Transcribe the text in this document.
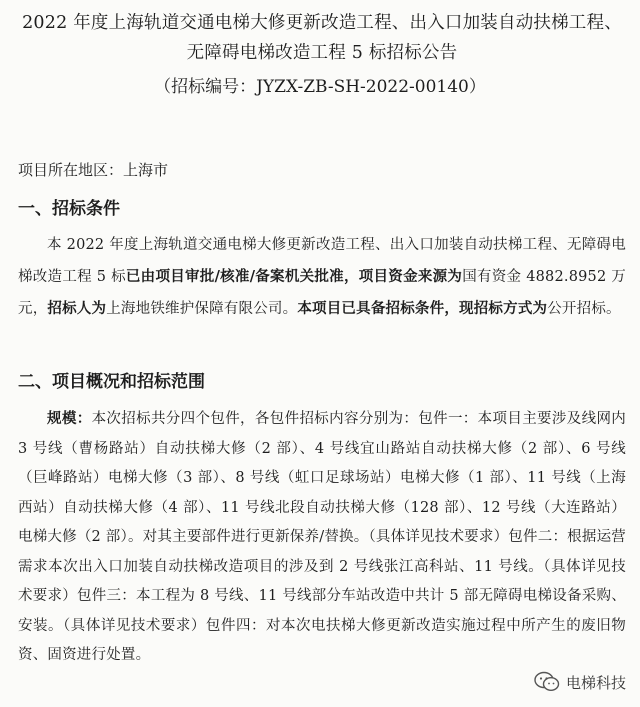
2022 年度上海轨道交通电梯大修更新改造工程、出入口加装自动扶梯工程、无障碍电梯改造工程 5 标招标公告
（招标编号：JYZX-ZB-SH-2022-00140）
项目所在地区：上海市
一、招标条件
本 2022 年度上海轨道交通电梯大修更新改造工程、出入口加装自动扶梯工程、无障碍电梯改造工程 5 标已由项目审批/核准/备案机关批准，项目资金来源为国有资金 4882.8952 万元，招标人为上海地铁维护保障有限公司。本项目已具备招标条件，现招标方式为公开招标。
二、项目概况和招标范围
规模：本次招标共分四个包件，各包件招标内容分别为：包件一：本项目主要涉及线网内 3 号线（曹杨路站）自动扶梯大修（2 部）、4 号线宜山路站自动扶梯大修（2 部）、6 号线（巨峰路站）电梯大修（3 部）、8 号线（虹口足球场站）电梯大修（1 部）、11 号线（上海西站）自动扶梯大修（4 部）、11 号线北段自动扶梯大修（128 部）、12 号线（大连路站）电梯大修（2 部）。对其主要部件进行更新保养/替换。（具体详见技术要求）包件二：根据运营需求本次出入口加装自动扶梯改造项目的涉及到 2 号线张江高科站、11 号线。（具体详见技术要求）包件三：本工程为 8 号线、11 号线部分车站改造中共计 5 部无障碍电梯设备采购、安装。（具体详见技术要求）包件四：对本次电扶梯大修更新改造实施过程中所产生的废旧物资、固资进行处置。
电梯科技
